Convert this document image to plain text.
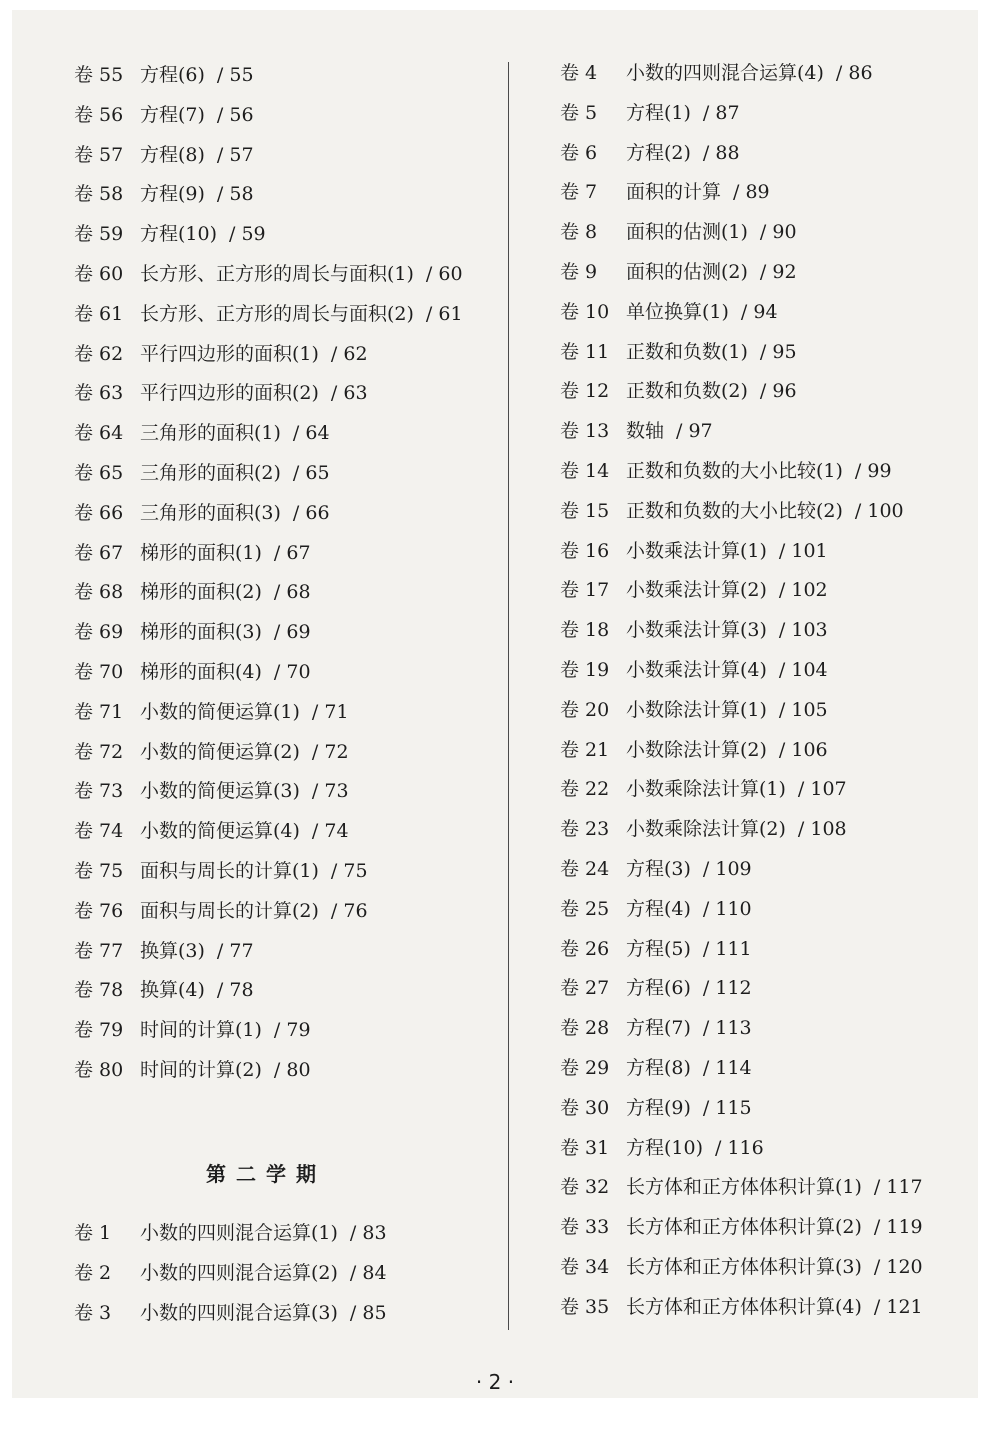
卷 55 方程(6) / 55
卷 56 方程(7) / 56
卷 57 方程(8) / 57
卷 58 方程(9) / 58
卷 59 方程(10) / 59
卷 60 长方形、正方形的周长与面积(1) / 60
卷 61 长方形、正方形的周长与面积(2) / 61
卷 62 平行四边形的面积(1) / 62
卷 63 平行四边形的面积(2) / 63
卷 64 三角形的面积(1) / 64
卷 65 三角形的面积(2) / 65
卷 66 三角形的面积(3) / 66
卷 67 梯形的面积(1) / 67
卷 68 梯形的面积(2) / 68
卷 69 梯形的面积(3) / 69
卷 70 梯形的面积(4) / 70
卷 71 小数的简便运算(1) / 71
卷 72 小数的简便运算(2) / 72
卷 73 小数的简便运算(3) / 73
卷 74 小数的简便运算(4) / 74
卷 75 面积与周长的计算(1) / 75
卷 76 面积与周长的计算(2) / 76
卷 77 换算(3) / 77
卷 78 换算(4) / 78
卷 79 时间的计算(1) / 79
卷 80 时间的计算(2) / 80
第二学期
卷 1 小数的四则混合运算(1) / 83
卷 2 小数的四则混合运算(2) / 84
卷 3 小数的四则混合运算(3) / 85
卷 4 小数的四则混合运算(4) / 86
卷 5 方程(1) / 87
卷 6 方程(2) / 88
卷 7 面积的计算 / 89
卷 8 面积的估测(1) / 90
卷 9 面积的估测(2) / 92
卷 10 单位换算(1) / 94
卷 11 正数和负数(1) / 95
卷 12 正数和负数(2) / 96
卷 13 数轴 / 97
卷 14 正数和负数的大小比较(1) / 99
卷 15 正数和负数的大小比较(2) / 100
卷 16 小数乘法计算(1) / 101
卷 17 小数乘法计算(2) / 102
卷 18 小数乘法计算(3) / 103
卷 19 小数乘法计算(4) / 104
卷 20 小数除法计算(1) / 105
卷 21 小数除法计算(2) / 106
卷 22 小数乘除法计算(1) / 107
卷 23 小数乘除法计算(2) / 108
卷 24 方程(3) / 109
卷 25 方程(4) / 110
卷 26 方程(5) / 111
卷 27 方程(6) / 112
卷 28 方程(7) / 113
卷 29 方程(8) / 114
卷 30 方程(9) / 115
卷 31 方程(10) / 116
卷 32 长方体和正方体体积计算(1) / 117
卷 33 长方体和正方体体积计算(2) / 119
卷 34 长方体和正方体体积计算(3) / 120
卷 35 长方体和正方体体积计算(4) / 121
· 2 ·
